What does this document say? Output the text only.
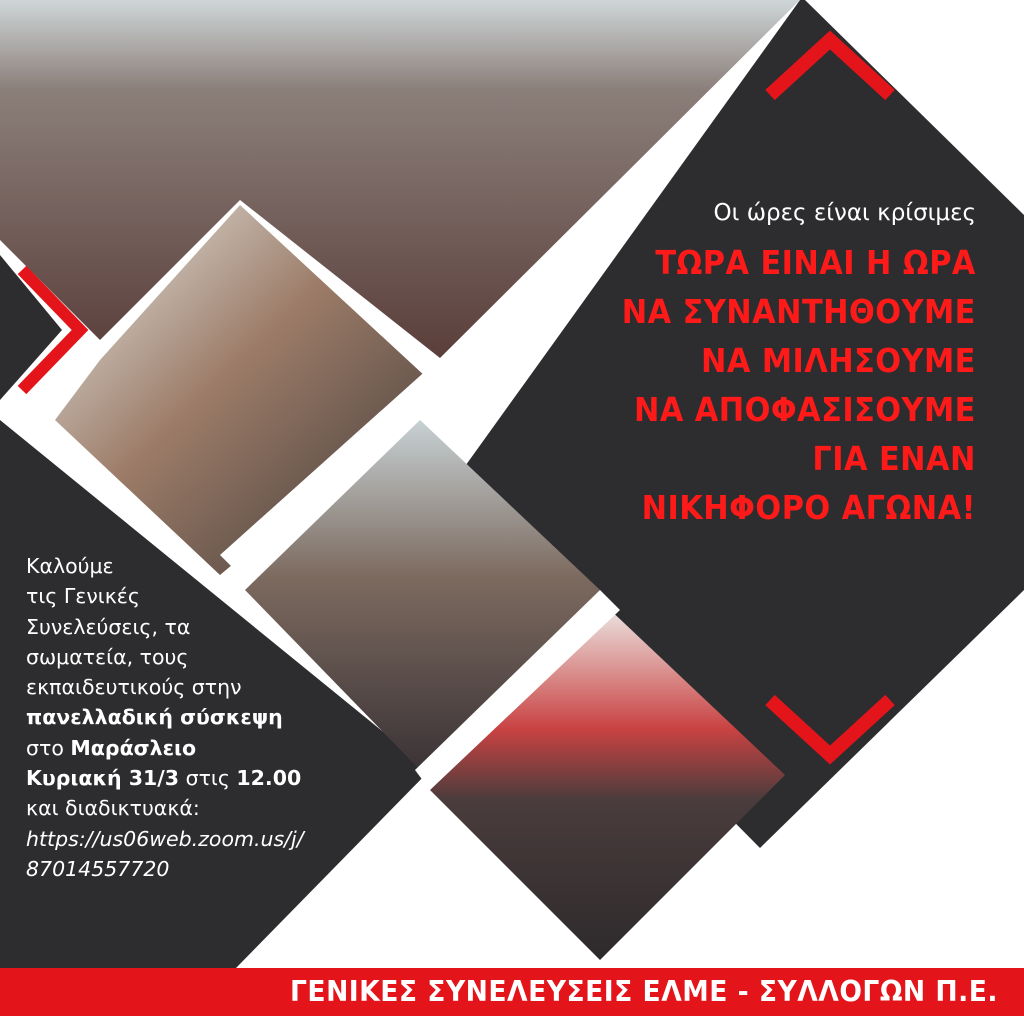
Οι ώρες είναι κρίσιμες
ΤΩΡΑ ΕΙΝΑΙ Η ΩΡΑ
ΝΑ ΣΥΝΑΝΤΗΘΟΥΜΕ
ΝΑ ΜΙΛΗΣΟΥΜΕ
ΝΑ ΑΠΟΦΑΣΙΣΟΥΜΕ
ΓΙΑ ΕΝΑΝ
ΝΙΚΗΦΟΡΟ ΑΓΩΝΑ!
Καλούμε
τις Γενικές
Συνελεύσεις, τα
σωματεία, τους
εκπαιδευτικούς στην
πανελλαδική σύσκεψη
στο Μαράσλειο
Κυριακή 31/3 στις 12.00
και διαδικτυακά:
https://us06web.zoom.us/j/
87014557720
ΓΕΝΙΚΕΣ ΣΥΝΕΛΕΥΣΕΙΣ ΕΛΜΕ - ΣΥΛΛΟΓΩΝ Π.Ε.
